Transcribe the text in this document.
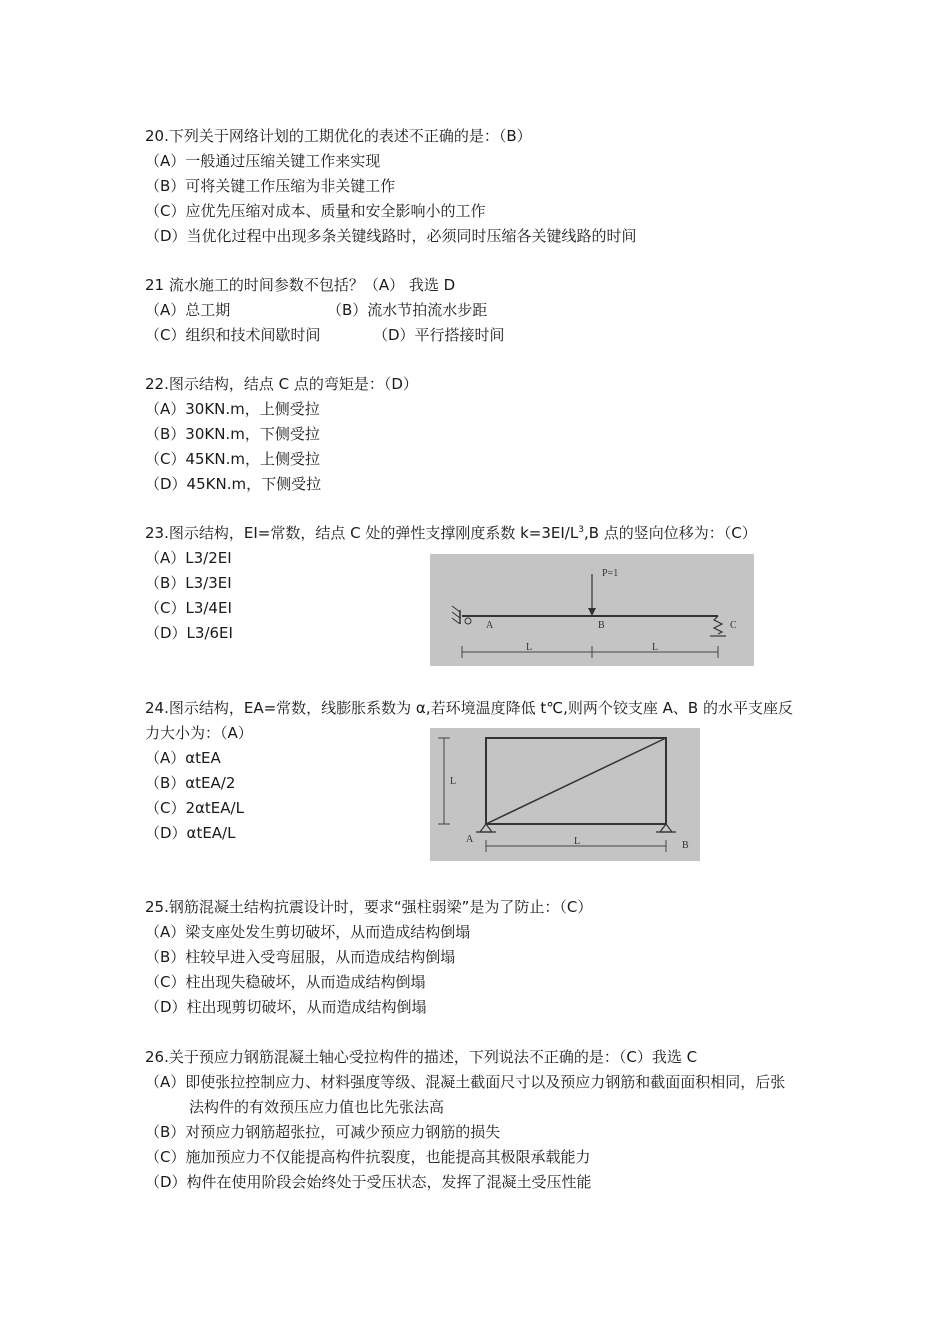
20.下列关于网络计划的工期优化的表述不正确的是：（B）
（A）一般通过压缩关键工作来实现
（B）可将关键工作压缩为非关键工作
（C）应优先压缩对成本、质量和安全影响小的工作
（D）当优化过程中出现多条关键线路时，必须同时压缩各关键线路的时间
21 流水施工的时间参数不包括？（A） 我选 D
（A）总工期	（B）流水节拍流水步距
（C）组织和技术间歇时间	（D）平行搭接时间
22.图示结构，结点 C 点的弯矩是：（D）
（A）30KN.m，上侧受拉
（B）30KN.m，下侧受拉
（C）45KN.m，上侧受拉
（D）45KN.m，下侧受拉
23.图示结构，EI=常数，结点 C 处的弹性支撑刚度系数 $k=3EI/L^3,B$ 点的竖向位移为：（C）
（A）L3/2EI
（B）L3/3EI
（C）L3/4EI
（D）L3/6EI
P=1
A	B	C
L	L
24.图示结构，EA=常数，线膨胀系数为 α,若环境温度降低 t℃,则两个铰支座 A、B 的水平支座反
力大小为：（A）
（A）αtEA
（B）αtEA/2
（C）2αtEA/L
（D）αtEA/L	A
B
L
L
25.钢筋混凝土结构抗震设计时，要求“强柱弱梁”是为了防止：（C）
（A）梁支座处发生剪切破坏，从而造成结构倒塌
（B）柱较早进入受弯屈服，从而造成结构倒塌
（C）柱出现失稳破坏，从而造成结构倒塌
（D）柱出现剪切破坏，从而造成结构倒塌
26.关于预应力钢筋混凝土轴心受拉构件的描述，下列说法不正确的是：（C）我选 C
（A）即使张拉控制应力、材料强度等级、混凝土截面尺寸以及预应力钢筋和截面面积相同，后张
法构件的有效预压应力值也比先张法高
（B）对预应力钢筋超张拉，可减少预应力钢筋的损失
（C）施加预应力不仅能提高构件抗裂度，也能提高其极限承载能力
（D）构件在使用阶段会始终处于受压状态，发挥了混凝土受压性能
